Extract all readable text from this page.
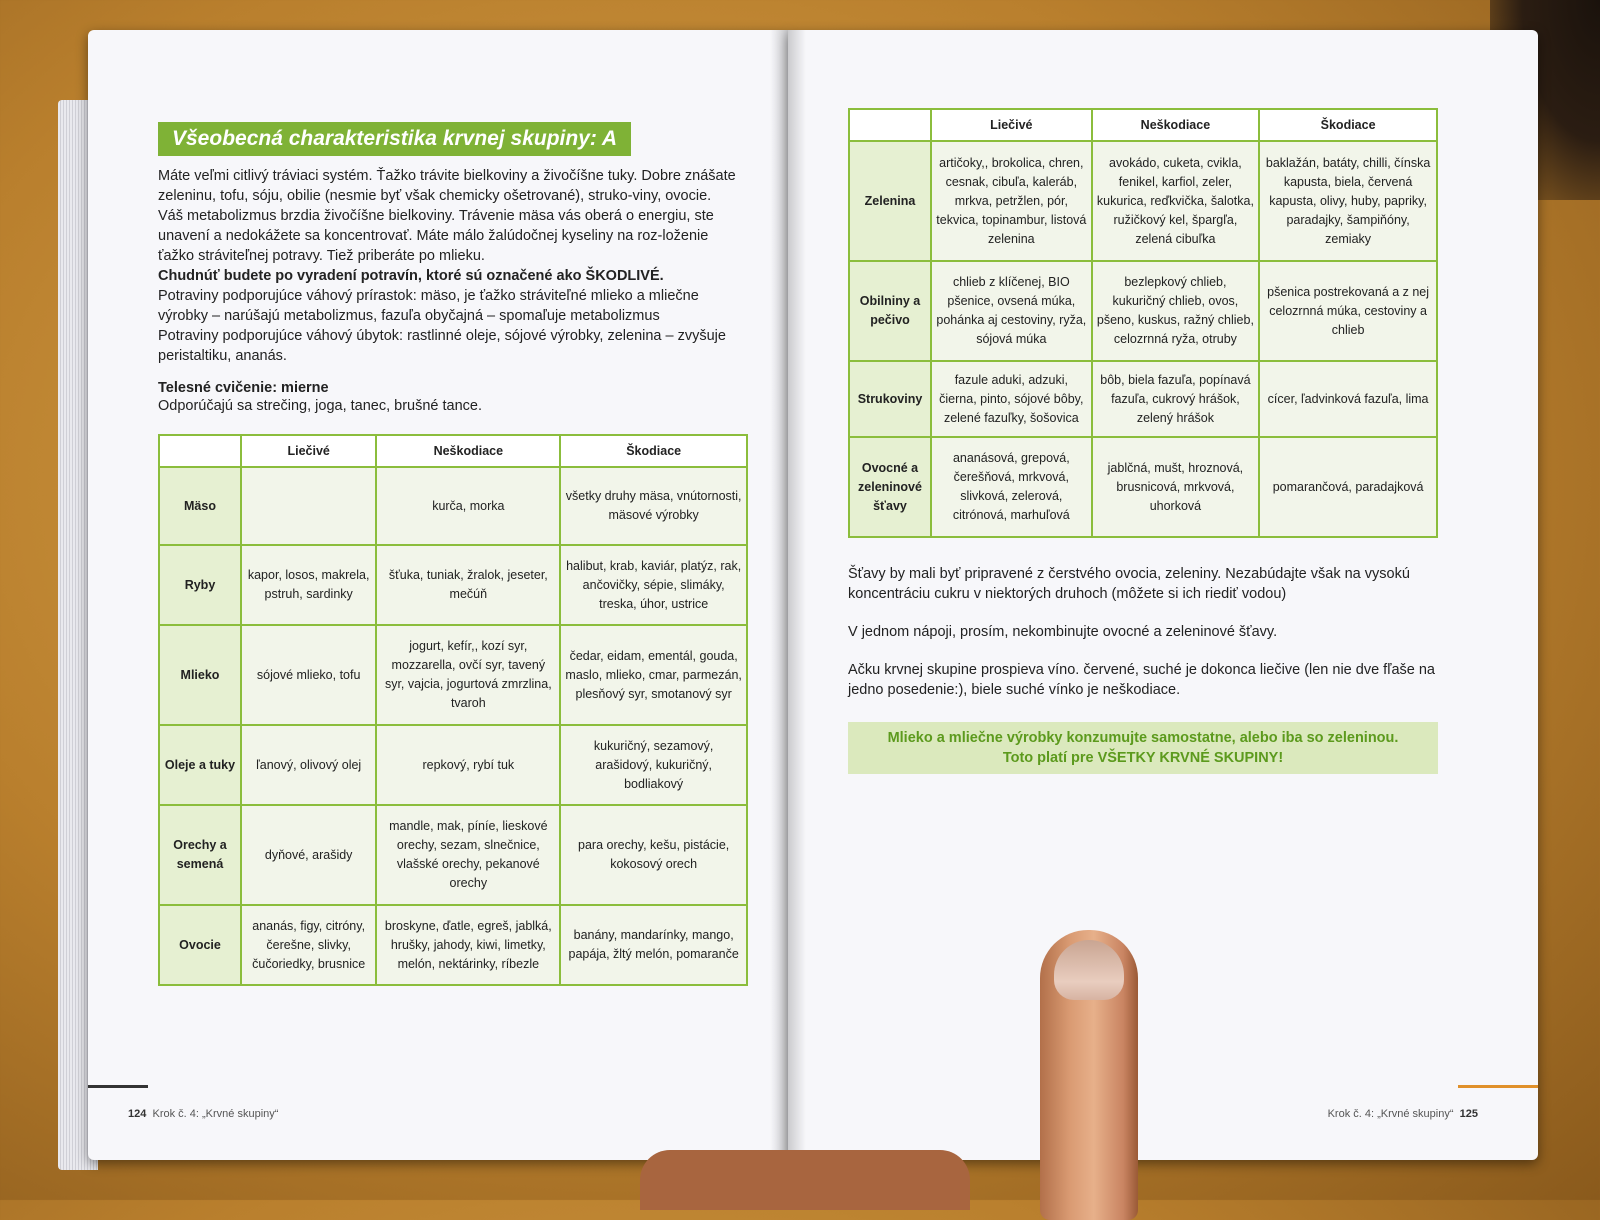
Všeobecná charakteristika krvnej skupiny: A

Máte veľmi citlivý tráviaci systém. Ťažko trávite bielkoviny a živočíšne tuky. Dobre znášate zeleninu, tofu, sóju, obilie (nesmie byť však chemicky ošetrované), struko-viny, ovocie.

Váš metabolizmus brzdia živočíšne bielkoviny. Trávenie mäsa vás oberá o energiu, ste unavení a nedokážete sa koncentrovať. Máte málo žalúdočnej kyseliny na roz-loženie ťažko stráviteľnej potravy. Tiež priberáte po mlieku.

Chudnúť budete po vyradení potravín, ktoré sú označené ako ŠKODLIVÉ.

Potraviny podporujúce váhový prírastok: mäso, je ťažko stráviteľné mlieko a mliečne výrobky – narúšajú metabolizmus, fazuľa obyčajná – spomaľuje metabolizmus

Potraviny podporujúce váhový úbytok: rastlinné oleje, sójové výrobky, zelenina – zvyšuje peristaltiku, ananás.

Telesné cvičenie: mierne

Odporúčajú sa strečing, joga, tanec, brušné tance.

	Liečivé	Neškodiace	Škodiace
Mäso		kurča, morka	všetky druhy mäsa, vnútornosti, mäsové výrobky
Ryby	kapor, losos, makrela, pstruh, sardinky	šťuka, tuniak, žralok, jeseter, mečúň	halibut, krab, kaviár, platýz, rak, ančovičky, sépie, slimáky, treska, úhor, ustrice
Mlieko	sójové mlieko, tofu	jogurt, kefír,, kozí syr, mozzarella, ovčí syr, tavený syr, vajcia, jogurtová zmrzlina, tvaroh	čedar, eidam, ementál, gouda, maslo, mlieko, cmar, parmezán, plesňový syr, smotanový syr
Oleje a tuky	ľanový, olivový olej	repkový, rybí tuk	kukuričný, sezamový, arašidový, kukuričný, bodliakový
Orechy a semená	dyňové, arašidy	mandle, mak, píníe, lieskové orechy, sezam, slnečnice, vlašské orechy, pekanové orechy	para orechy, kešu, pistácie, kokosový orech
Ovocie	ananás, figy, citróny, čerešne, slivky, čučoriedky, brusnice	broskyne, ďatle, egreš, jablká, hrušky, jahody, kiwi, limetky, melón, nektárinky, ríbezle	banány, mandarínky, mango, papája, žltý melón, pomaranče
124 Krok č. 4: „Krvné skupiny“
	Liečivé	Neškodiace	Škodiace
Zelenina	artičoky,, brokolica, chren, cesnak, cibuľa, kaleráb, mrkva, petržlen, pór, tekvica, topinambur, listová zelenina	avokádo, cuketa, cvikla, fenikel, karfiol, zeler, kukurica, reďkvička, šalotka, ružičkový kel, špargľa, zelená cibuľka	baklažán, batáty, chilli, čínska kapusta, biela, červená kapusta, olivy, huby, papriky, paradajky, šampiňóny, zemiaky
Obilniny a pečivo	chlieb z klíčenej, BIO pšenice, ovsená múka, pohánka aj cestoviny, ryža, sójová múka	bezlepkový chlieb, kukuričný chlieb, ovos, pšeno, kuskus, ražný chlieb, celozrnná ryža, otruby	pšenica postrekovaná a z nej celozrnná múka, cestoviny a chlieb
Strukoviny	fazule aduki, adzuki, čierna, pinto, sójové bôby, zelené fazuľky, šošovica	bôb, biela fazuľa, popínavá fazuľa, cukrový hrášok, zelený hrášok	cícer, ľadvinková fazuľa, lima
Ovocné a zeleninové šťavy	ananásová, grepová, čerešňová, mrkvová, slivková, zelerová, citrónová, marhuľová	jablčná, mušt, hroznová, brusnicová, mrkvová, uhorková	pomarančová, paradajková

Šťavy by mali byť pripravené z čerstvého ovocia, zeleniny. Nezabúdajte však na vysokú koncentráciu cukru v niektorých druhoch (môžete si ich riediť vodou)

V jednom nápoji, prosím, nekombinujte ovocné a zeleninové šťavy.

Ačku krvnej skupine prospieva víno. červené, suché je dokonca liečive (len nie dve fľaše na jedno posedenie:), biele suché vínko je neškodiace.

Mlieko a mliečne výrobky konzumujte samostatne, alebo iba so zeleninou.
Toto platí pre VŠETKY KRVNÉ SKUPINY!
Krok č. 4: „Krvné skupiny“ 125
